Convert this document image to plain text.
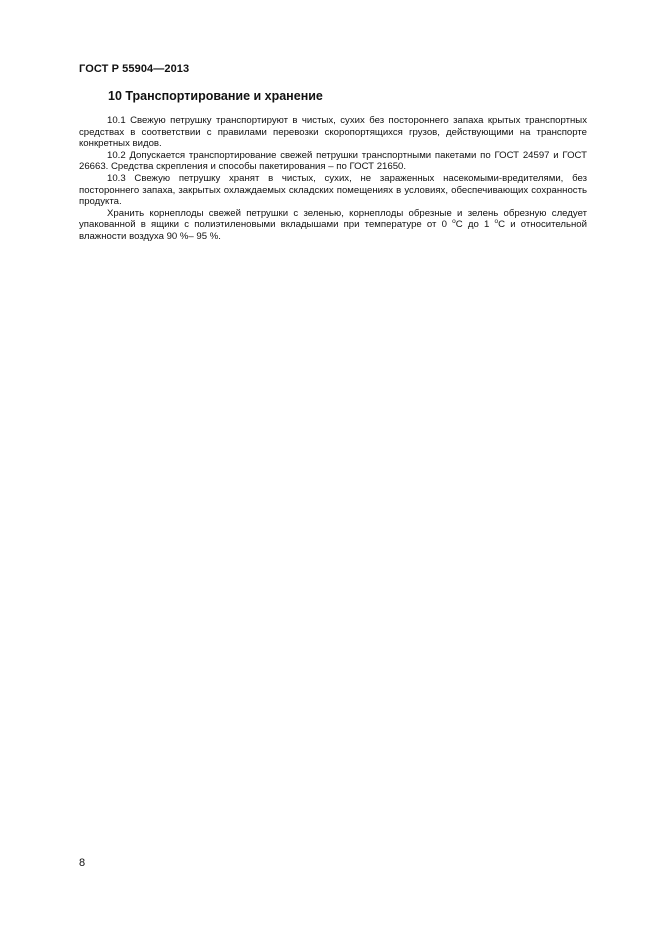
ГОСТ Р 55904—2013
10 Транспортирование и хранение

10.1 Свежую петрушку транспортируют в чистых, сухих без постороннего запаха крытых транспортных средствах в соответствии с правилами перевозки скоропортящихся грузов, действующими на транспорте конкретных видов.

10.2 Допускается транспортирование свежей петрушки транспортными пакетами по ГОСТ 24597 и ГОСТ 26663. Средства скрепления и способы пакетирования – по ГОСТ 21650.

10.3 Свежую петрушку хранят в чистых, сухих, не зараженных насекомыми-вредителями, без постороннего запаха, закрытых охлаждаемых складских помещениях в условиях, обеспечивающих сохранность продукта.

Хранить корнеплоды свежей петрушки с зеленью, корнеплоды обрезные и зелень обрезную следует упакованной в ящики с полиэтиленовыми вкладышами при температуре от 0 $^о$С до 1 $^о$С и относительной влажности воздуха 90 %– 95 %.

8
